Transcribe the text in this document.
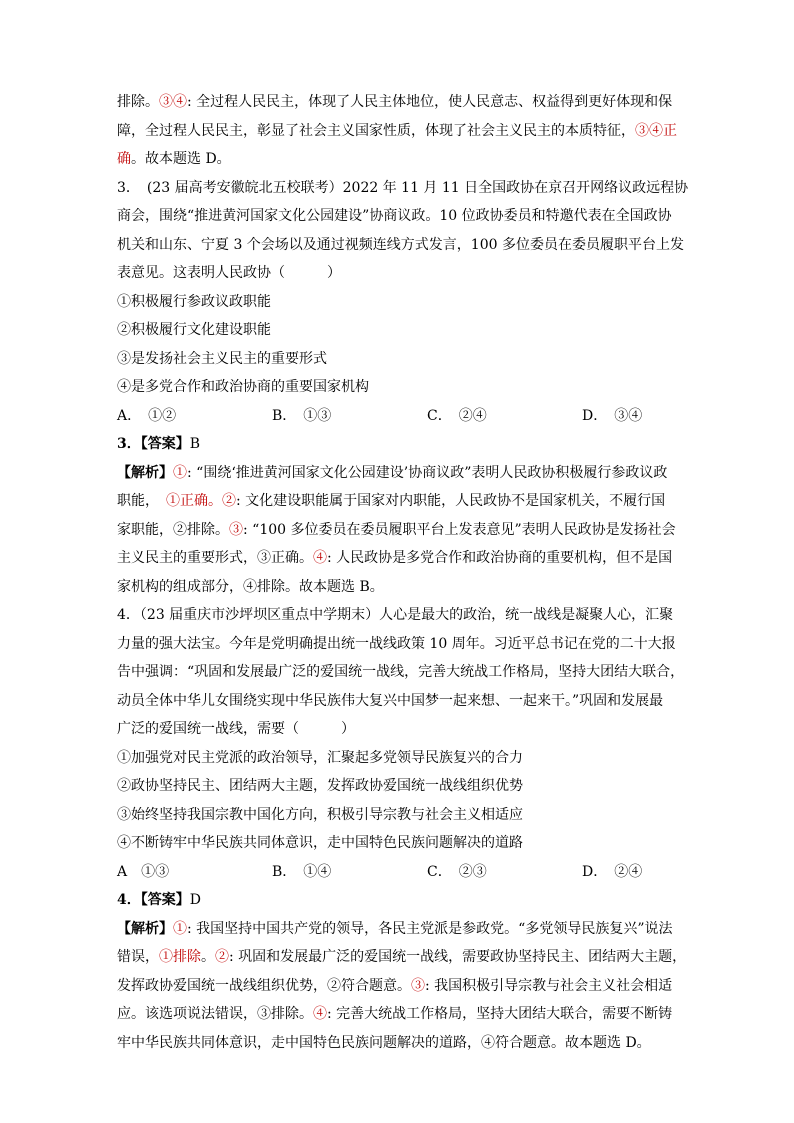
排除。③④: 全过程人民民主，体现了人民主体地位，使人民意志、权益得到更好体现和保
障，全过程人民民主，彰显了社会主义国家性质，体现了社会主义民主的本质特征，③④正
确。故本题选 D。
3．　(23 届高考安徽皖北五校联考）2022 年 11 月 11 日全国政协在京召开网络议政远程协
商会，围绕“推进黄河国家文化公园建设”协商议政。10 位政协委员和特邀代表在全国政协
机关和山东、宁夏 3 个会场以及通过视频连线方式发言，100 多位委员在委员履职平台上发
表意见。这表明人民政协（　　　）
①积极履行参政议政职能
②积极履行文化建设职能
③是发扬社会主义民主的重要形式
④是多党合作和政治协商的重要国家机构
A．　①②	B．　①③	C．　②④	D．　③④
3．【答案】B
【解析】①: “围绕‘推进黄河国家文化公园建设’协商议政”表明人民政协积极履行参政议政
职能，　①正确。②: 文化建设职能属于国家对内职能，人民政协不是国家机关，不履行国
家职能，②排除。③: “100 多位委员在委员履职平台上发表意见”表明人民政协是发扬社会
主义民主的重要形式，③正确。④: 人民政协是多党合作和政治协商的重要机构，但不是国
家机构的组成部分，④排除。故本题选 B。
4．（23 届重庆市沙坪坝区重点中学期末）人心是最大的政治，统一战线是凝聚人心，汇聚
力量的强大法宝。今年是党明确提出统一战线政策 10 周年。习近平总书记在党的二十大报
告中强调：“巩固和发展最广泛的爱国统一战线，完善大统战工作格局，坚持大团结大联合，
动员全体中华儿女围绕实现中华民族伟大复兴中国梦一起来想、一起来干。”巩固和发展最
广泛的爱国统一战线，需要（　　　）
①加强党对民主党派的政治领导，汇聚起多党领导民族复兴的合力
②政协坚持民主、团结两大主题，发挥政协爱国统一战线组织优势
③始终坚持我国宗教中国化方向，积极引导宗教与社会主义相适应
④不断铸牢中华民族共同体意识，走中国特色民族问题解决的道路
A　①③	B．　①④	C．　②③	D．　②④
4．【答案】D
【解析】①: 我国坚持中国共产党的领导，各民主党派是参政党。“多党领导民族复兴”说法
错误，①排除。②: 巩固和发展最广泛的爱国统一战线，需要政协坚持民主、团结两大主题，
发挥政协爱国统一战线组织优势，②符合题意。③: 我国积极引导宗教与社会主义社会相适
应。该选项说法错误，③排除。④: 完善大统战工作格局，坚持大团结大联合，需要不断铸
牢中华民族共同体意识，走中国特色民族问题解决的道路，④符合题意。故本题选 D。
